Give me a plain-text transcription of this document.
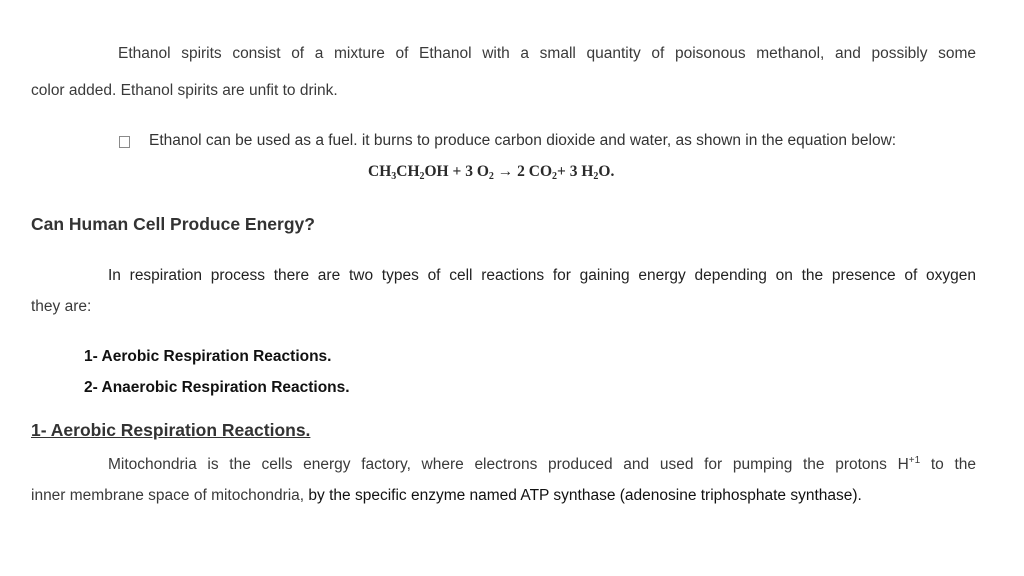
Ethanol spirits consist of a mixture of Ethanol with a small quantity of poisonous methanol, and possibly some
color added. Ethanol spirits are unfit to drink.
Ethanol can be used as a fuel. it burns to produce carbon dioxide and water, as shown in the equation below:
$CH_3CH_2OH + 3$ $O_2 \to 2$ $CO_2+ 3$ $H_2O$.
Can Human Cell Produce Energy?
In respiration process there are two types of cell reactions for gaining energy depending on the presence of oxygen
they are:
1- Aerobic Respiration Reactions.
2- Anaerobic Respiration Reactions.
1- Aerobic Respiration Reactions.
Mitochondria is the cells energy factory, where electrons produced and used for pumping the protons $H^{+1}$ to the
inner membrane space of mitochondria, by the specific enzyme named ATP synthase (adenosine triphosphate synthase).
